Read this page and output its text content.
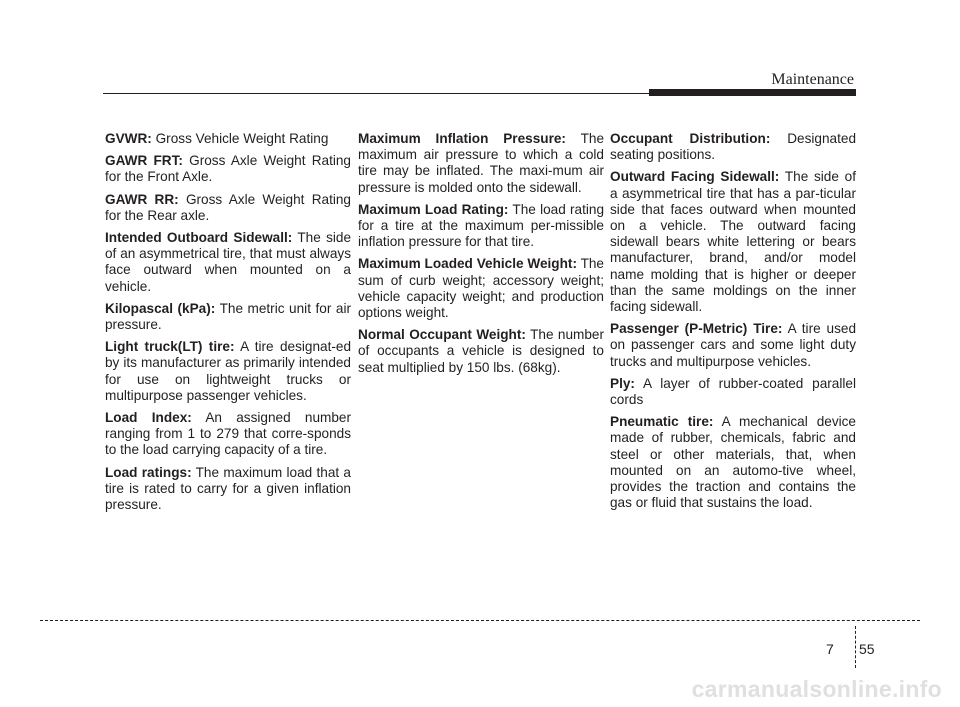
Maintenance

GVWR: Gross Vehicle Weight Rating

GAWR FRT: Gross Axle Weight Rating for the Front Axle.

GAWR RR: Gross Axle Weight Rating for the Rear axle.

Intended Outboard Sidewall: The side of an asymmetrical tire, that must always face outward when mounted on a vehicle.

Kilopascal (kPa): The metric unit for air pressure.

Light truck(LT) tire: A tire designat-ed by its manufacturer as primarily intended for use on lightweight trucks or multipurpose passenger vehicles.

Load Index: An assigned number ranging from 1 to 279 that corre-sponds to the load carrying capacity of a tire.

Load ratings: The maximum load that a tire is rated to carry for a given inflation pressure.

Maximum Inflation Pressure: The maximum air pressure to which a cold tire may be inflated. The maxi-mum air pressure is molded onto the sidewall.

Maximum Load Rating: The load rating for a tire at the maximum per-missible inflation pressure for that tire.

Maximum Loaded Vehicle Weight: The sum of curb weight; accessory weight; vehicle capacity weight; and production options weight.

Normal Occupant Weight: The number of occupants a vehicle is designed to seat multiplied by 150 lbs. (68kg).

Occupant Distribution: Designated seating positions.

Outward Facing Sidewall: The side of a asymmetrical tire that has a par-ticular side that faces outward when mounted on a vehicle. The outward facing sidewall bears white lettering or bears manufacturer, brand, and/or model name molding that is higher or deeper than the same moldings on the inner facing sidewall.

Passenger (P-Metric) Tire: A tire used on passenger cars and some light duty trucks and multipurpose vehicles.

Ply: A layer of rubber-coated parallel cords

Pneumatic tire: A mechanical device made of rubber, chemicals, fabric and steel or other materials, that, when mounted on an automo-tive wheel, provides the traction and contains the gas or fluid that sustains the load.

7 55
carmanualsonline.info
